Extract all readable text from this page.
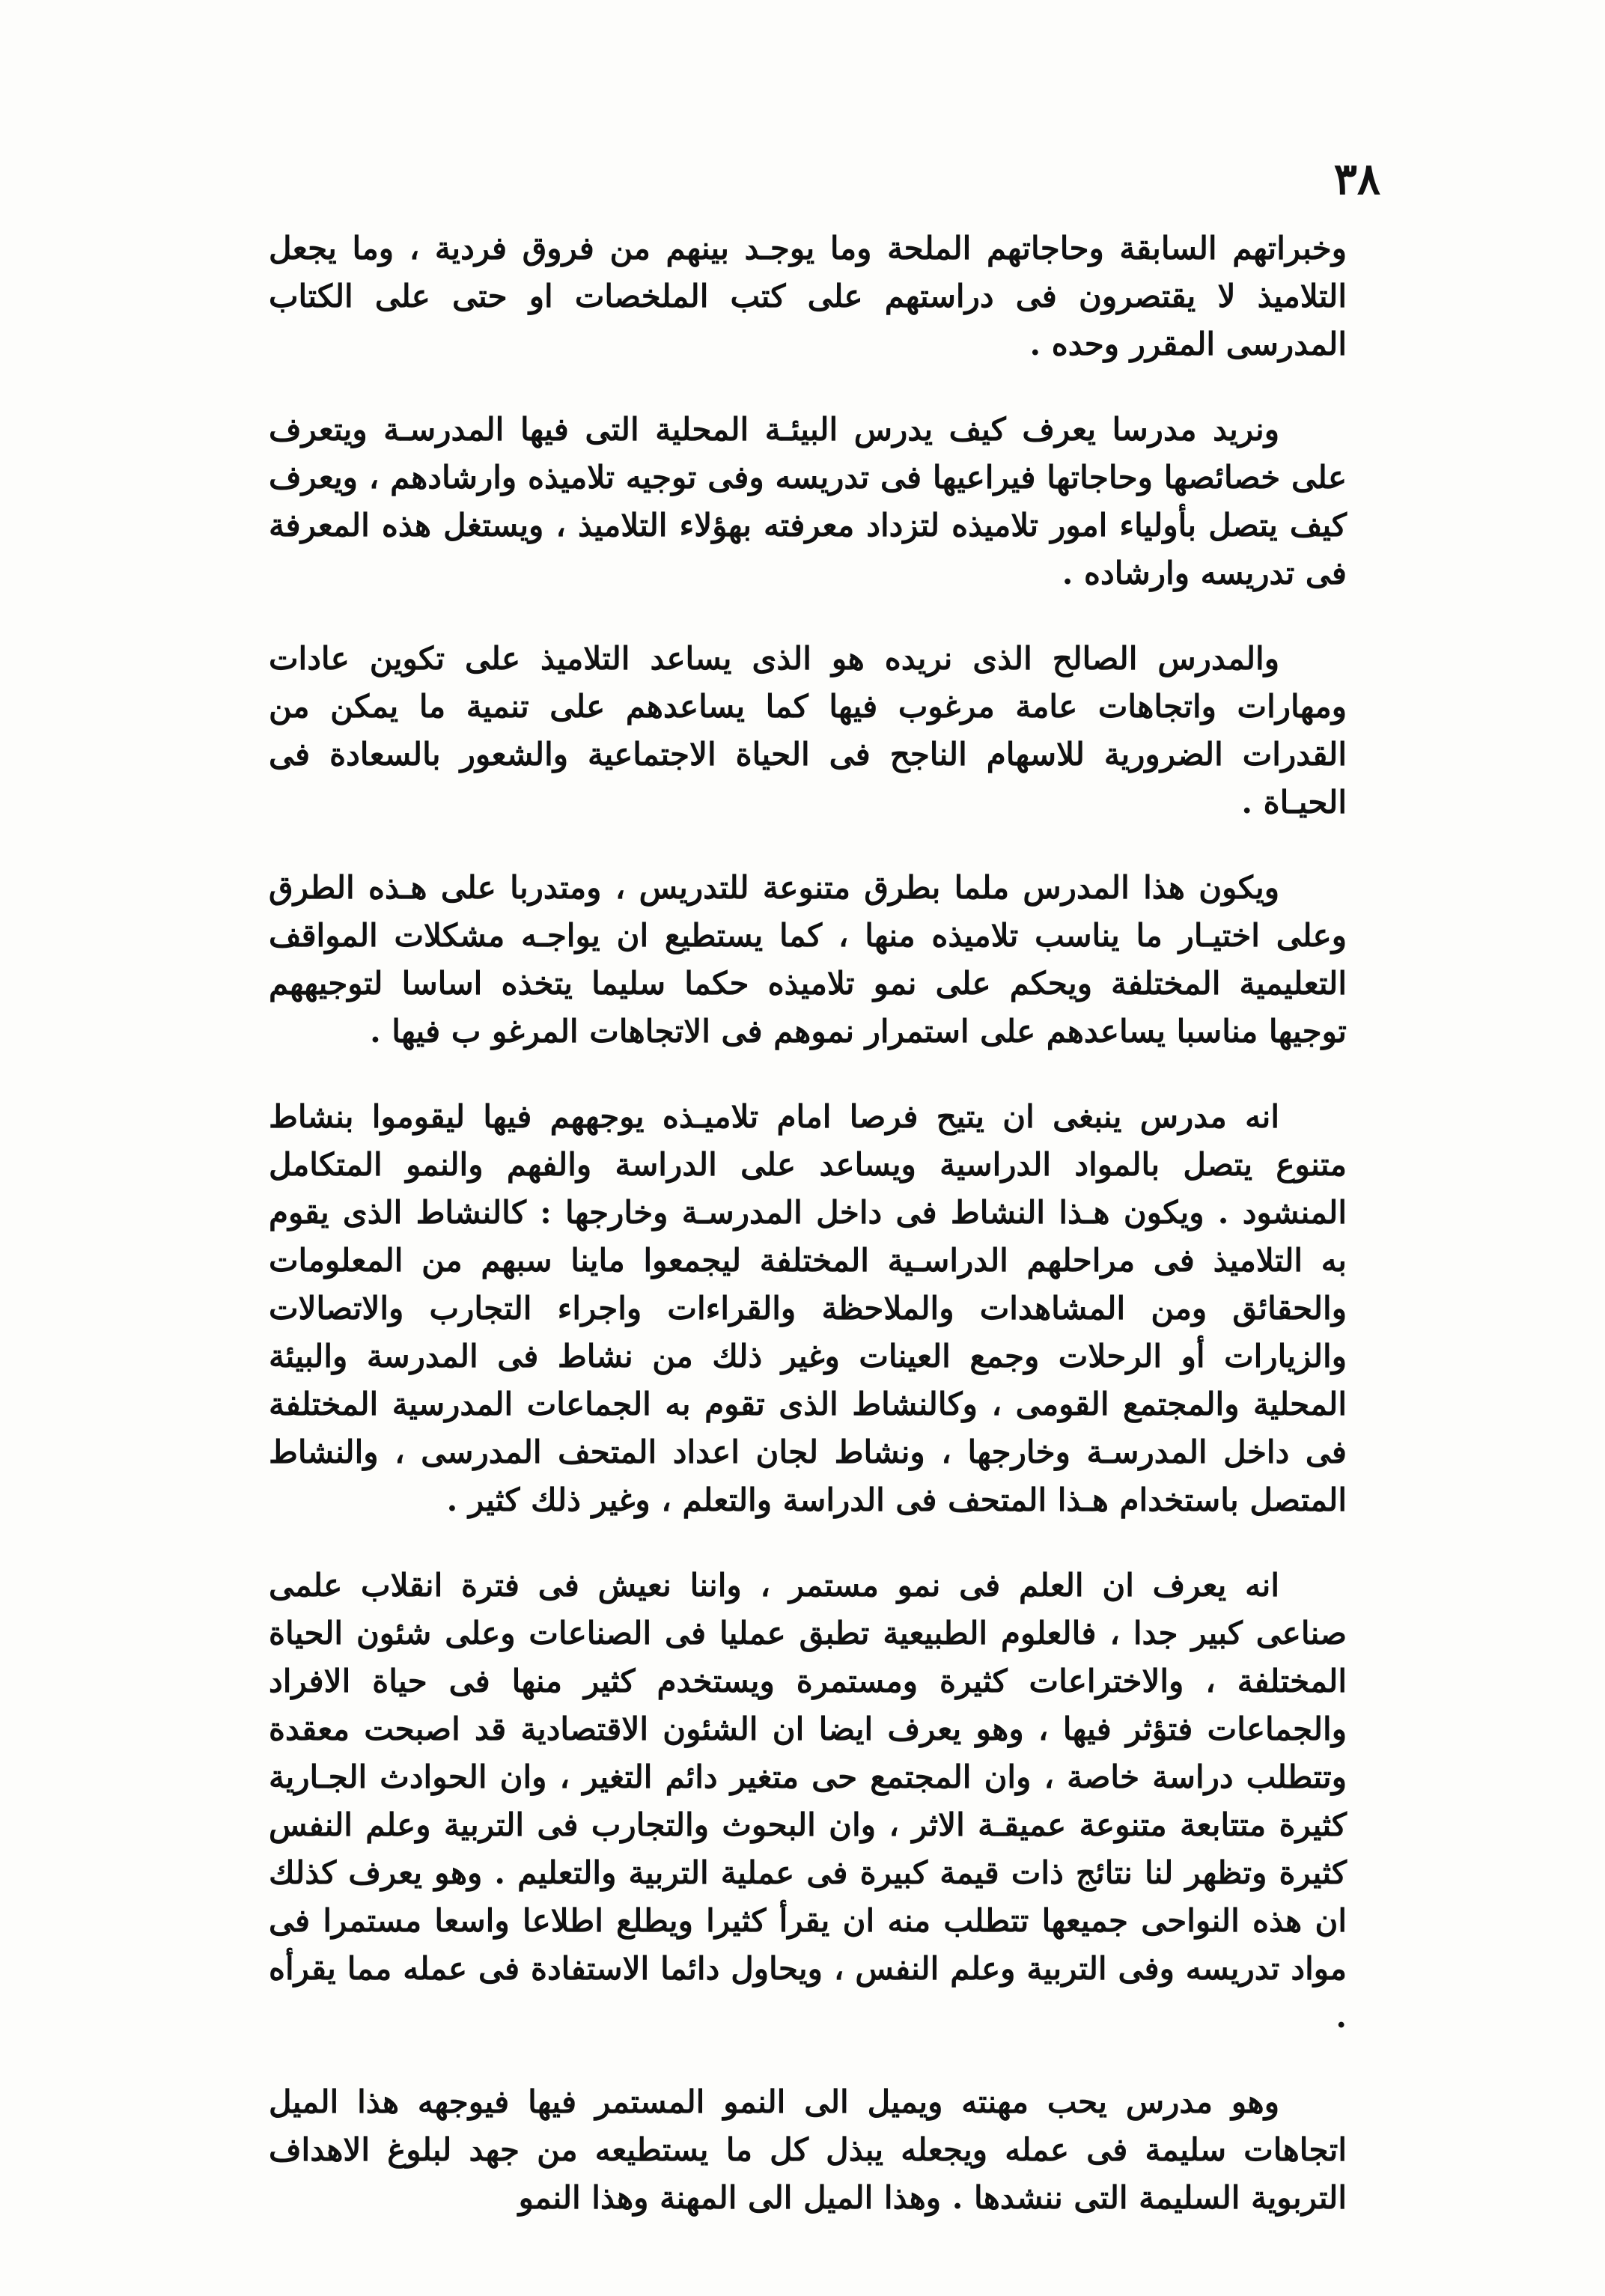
٣٨

وخبراتهم السابقة وحاجاتهم الملحة وما يوجـد بينهم من فروق فردية ، وما يجعل التلاميذ لا يقتصرون فى دراستهم على كتب الملخصات او حتى على الكتاب المدرسى المقرر وحده .

ونريد مدرسا يعرف كيف يدرس البيئـة المحلية التى فيها المدرسـة ويتعرف على خصائصها وحاجاتها فيراعيها فى تدريسه وفى توجيه تلاميذه وارشادهم ، ويعرف كيف يتصل بأولياء امور تلاميذه لتزداد معرفته بهؤلاء التلاميذ ، ويستغل هذه المعرفة فى تدريسه وارشاده .

والمدرس الصالح الذى نريده هو الذى يساعد التلاميذ على تكوين عادات ومهارات واتجاهات عامة مرغوب فيها كما يساعدهم على تنمية ما يمكن من القدرات الضرورية للاسهام الناجح فى الحياة الاجتماعية والشعور بالسعادة فى الحيـاة .

ويكون هذا المدرس ملما بطرق متنوعة للتدريس ، ومتدربا على هـذه الطرق وعلى اختيـار ما يناسب تلاميذه منها ، كما يستطيع ان يواجـه مشكلات المواقف التعليمية المختلفة ويحكم على نمو تلاميذه حكما سليما يتخذه اساسا لتوجيههم توجيها مناسبا يساعدهم على استمرار نموهم فى الاتجاهات المرغو ب فيها .

انه مدرس ينبغى ان يتيح فرصا امام تلاميـذه يوجههم فيها ليقوموا بنشاط متنوع يتصل بالمواد الدراسية ويساعد على الدراسة والفهم والنمو المتكامل المنشود . ويكون هـذا النشاط فى داخل المدرسـة وخارجها : كالنشاط الذى يقوم به التلاميذ فى مراحلهم الدراسـية المختلفة ليجمعوا ماينا سبهم من المعلومات والحقائق ومن المشاهدات والملاحظة والقراءات واجراء التجارب والاتصالات والزيارات أو الرحلات وجمع العينات وغير ذلك من نشاط فى المدرسة والبيئة المحلية والمجتمع القومى ، وكالنشاط الذى تقوم به الجماعات المدرسية المختلفة فى داخل المدرسـة وخارجها ، ونشاط لجان اعداد المتحف المدرسى ، والنشاط المتصل باستخدام هـذا المتحف فى الدراسة والتعلم ، وغير ذلك كثير .

انه يعرف ان العلم فى نمو مستمر ، واننا نعيش فى فترة انقلاب علمى صناعى كبير جدا ، فالعلوم الطبيعية تطبق عمليا فى الصناعات وعلى شئون الحياة المختلفة ، والاختراعات كثيرة ومستمرة ويستخدم كثير منها فى حياة الافراد والجماعات فتؤثر فيها ، وهو يعرف ايضا ان الشئون الاقتصادية قد اصبحت معقدة وتتطلب دراسة خاصة ، وان المجتمع حى متغير دائم التغير ، وان الحوادث الجـارية كثيرة متتابعة متنوعة عميقـة الاثر ، وان البحوث والتجارب فى التربية وعلم النفس كثيرة وتظهر لنا نتائج ذات قيمة كبيرة فى عملية التربية والتعليم . وهو يعرف كذلك ان هذه النواحى جميعها تتطلب منه ان يقرأ كثيرا ويطلع اطلاعا واسعا مستمرا فى مواد تدريسه وفى التربية وعلم النفس ، ويحاول دائما الاستفادة فى عمله مما يقرأه .

وهو مدرس يحب مهنته ويميل الى النمو المستمر فيها فيوجهه هذا الميل اتجاهات سليمة فى عمله ويجعله يبذل كل ما يستطيعه من جهد لبلوغ الاهداف التربوية السليمة التى ننشدها . وهذا الميل الى المهنة وهذا النمو
